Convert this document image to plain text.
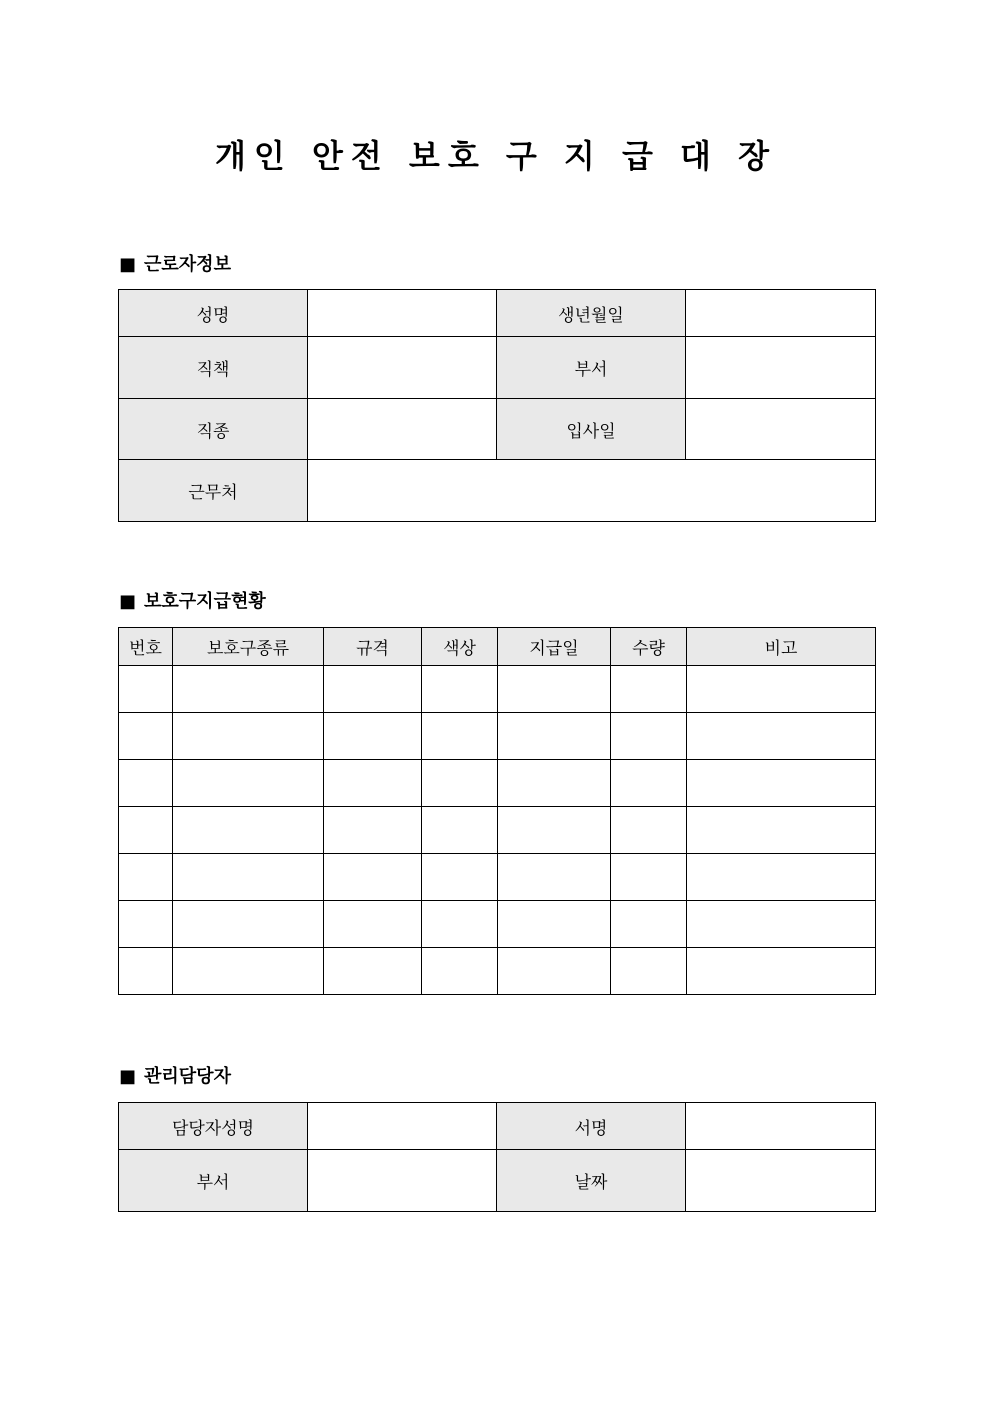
개인 안전 보호 구 지 급 대 장
■ 근로자정보
성명		생년월일	
직책		부서	
직종		입사일	
근무처			
■ 보호구지급현황
번호	보호구종류	규격	색상	지급일	수량	비고

■ 관리담당자
담당자성명		서명	
부서		날짜	
